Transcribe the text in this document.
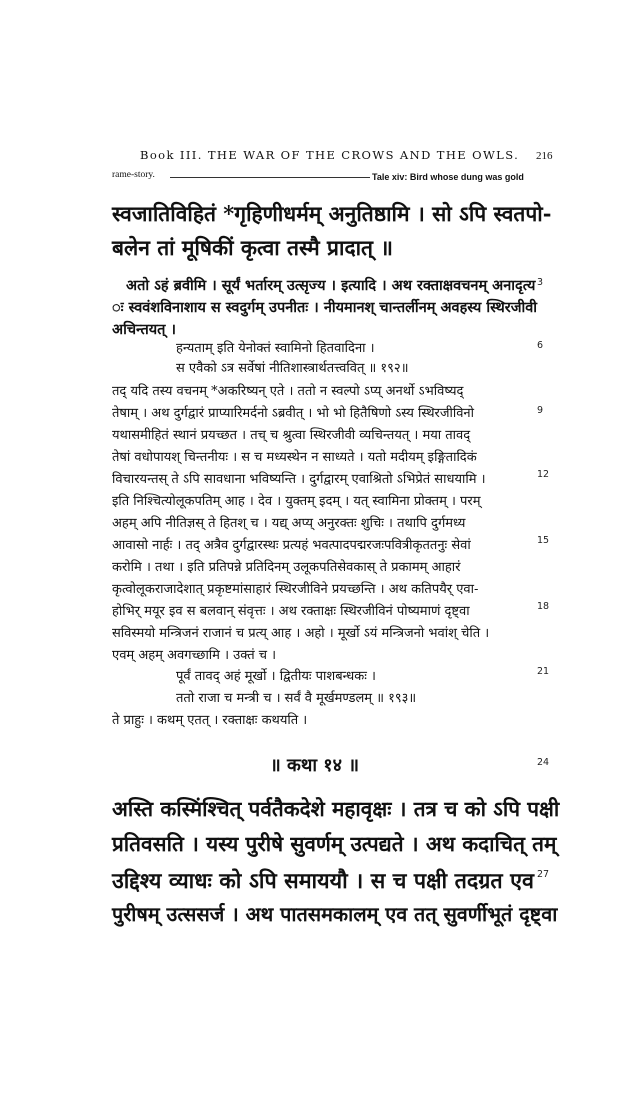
Book III. THE WAR OF THE CROWS AND THE OWLS. 216
rame-story.	Tale xiv: Bird whose dung was gold
स्वजातिविहितं *गृहिणीधर्मम् अनुतिष्ठामि । सो ऽपि स्वतपो-
बलेन तां मूषिकीं कृत्वा तस्मै प्रादात् ॥
अतो ऽहं ब्रवीमि । सूर्यं भर्तारम् उत्सृज्य । इत्यादि । अथ रक्ताक्षवचनम् अनादृत्य
ः स्ववंशविनाशाय स स्वदुर्गम् उपनीतः । नीयमानश् चान्तर्लीनम् अवहस्य स्थिरजीवी
अचिन्तयत् ।
हन्यताम् इति येनोक्तं स्वामिनो हितवादिना ।
स एवैको ऽत्र सर्वेषां नीतिशास्त्रार्थतत्त्ववित् ॥ १९२॥
तद् यदि तस्य वचनम् *अकरिष्यन् एते । ततो न स्वल्पो ऽप्य् अनर्थो ऽभविष्यद्
तेषाम् । अथ दुर्गद्वारं प्राप्यारिमर्दनो ऽब्रवीत् । भो भो हितैषिणो ऽस्य स्थिरजीविनो
यथासमीहितं स्थानं प्रयच्छत । तच् च श्रुत्वा स्थिरजीवी व्यचिन्तयत् । मया तावद्
तेषां वधोपायश् चिन्तनीयः । स च मध्यस्थेन न साध्यते । यतो मदीयम् इङ्गितादिकं
विचारयन्तस् ते ऽपि सावधाना भविष्यन्ति । दुर्गद्वारम् एवाश्रितो ऽभिप्रेतं साधयामि ।
इति निश्चित्योलूकपतिम् आह । देव । युक्तम् इदम् । यत् स्वामिना प्रोक्तम् । परम्
अहम् अपि नीतिज्ञस् ते हितश् च । यद्य् अप्य् अनुरक्तः शुचिः । तथापि दुर्गमध्य
आवासो नार्हः । तद् अत्रैव दुर्गद्वारस्थः प्रत्यहं भवत्पादपद्मरजःपवित्रीकृततनुः सेवां
करोमि । तथा । इति प्रतिपन्ने प्रतिदिनम् उलूकपतिसेवकास् ते प्रकामम् आहारं
कृत्वोलूकराजादेशात् प्रकृष्टमांसाहारं स्थिरजीविने प्रयच्छन्ति । अथ कतिपयैर् एवा-
होभिर् मयूर इव स बलवान् संवृत्तः । अथ रक्ताक्षः स्थिरजीविनं पोष्यमाणं दृष्ट्वा
सविस्मयो मन्त्रिजनं राजानं च प्रत्य् आह । अहो । मूर्खो ऽयं मन्त्रिजनो भवांश् चेति ।
एवम् अहम् अवगच्छामि । उक्तं च ।
पूर्वं तावद् अहं मूर्खो । द्वितीयः पाशबन्धकः ।
ततो राजा च मन्त्री च । सर्वं वै मूर्खमण्डलम् ॥ १९३॥
ते प्राहुः । कथम् एतत् । रक्ताक्षः कथयति ।
॥ कथा १४ ॥
अस्ति कस्मिंश्चित् पर्वतैकदेशे महावृक्षः । तत्र च को ऽपि पक्षी
प्रतिवसति । यस्य पुरीषे सुवर्णम् उत्पद्यते । अथ कदाचित् तम्
उद्दिश्य व्याधः को ऽपि समाययौ । स च पक्षी तदग्रत एव
पुरीषम् उत्ससर्ज । अथ पातसमकालम् एव तत् सुवर्णीभूतं दृष्ट्वा
3
6
9
12
15
18
21
24
27
